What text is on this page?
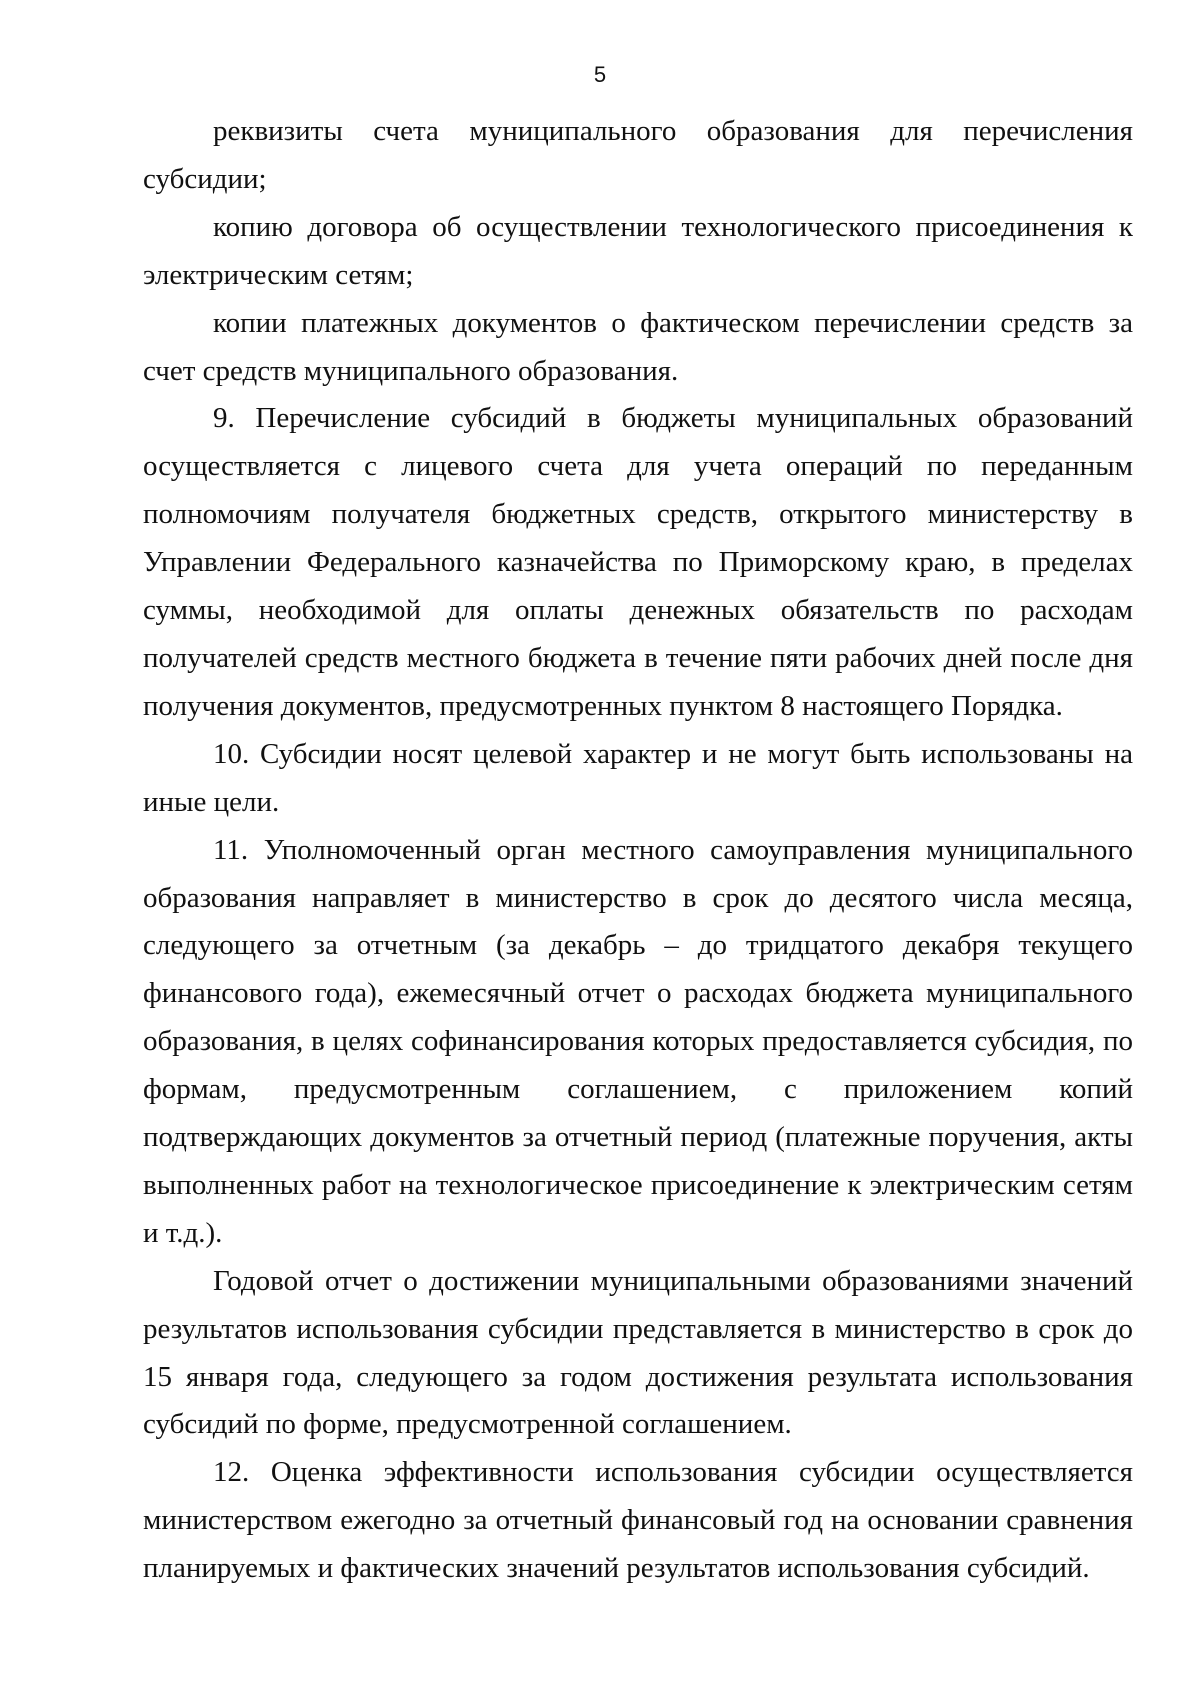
5

реквизиты счета муниципального образования для перечисления субсидии;

копию договора об осуществлении технологического присоединения к электрическим сетям;

копии платежных документов о фактическом перечислении средств за счет средств муниципального образования.

9. Перечисление субсидий в бюджеты муниципальных образований осуществляется с лицевого счета для учета операций по переданным полномочиям получателя бюджетных средств, открытого министерству в Управлении Федерального казначейства по Приморскому краю, в пределах суммы, необходимой для оплаты денежных обязательств по расходам получателей средств местного бюджета в течение пяти рабочих дней после дня получения документов, предусмотренных пунктом 8 настоящего Порядка.

10. Субсидии носят целевой характер и не могут быть использованы на иные цели.

11. Уполномоченный орган местного самоуправления муниципального образования направляет в министерство в срок до десятого числа месяца, следующего за отчетным (за декабрь – до тридцатого декабря текущего финансового года), ежемесячный отчет о расходах бюджета муниципального образования, в целях софинансирования которых предоставляется субсидия, по формам, предусмотренным соглашением, с приложением копий подтверждающих документов за отчетный период (платежные поручения, акты выполненных работ на технологическое присоединение к электрическим сетям и т.д.).

Годовой отчет о достижении муниципальными образованиями значений результатов использования субсидии представляется в министерство в срок до 15 января года, следующего за годом достижения результата использования субсидий по форме, предусмотренной соглашением.

12. Оценка эффективности использования субсидии осуществляется министерством ежегодно за отчетный финансовый год на основании сравнения планируемых и фактических значений результатов использования субсидий.
